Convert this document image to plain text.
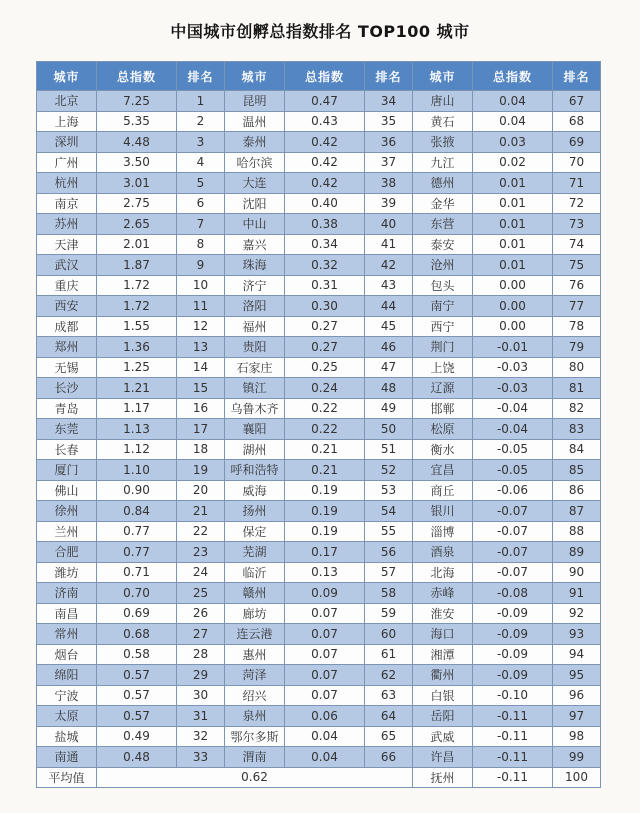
中国城市创孵总指数排名 TOP100 城市
城市	总指数	排名	城市	总指数	排名	城市	总指数	排名
北京	7.25	1	昆明	0.47	34	唐山	0.04	67
上海	5.35	2	温州	0.43	35	黄石	0.04	68
深圳	4.48	3	泰州	0.42	36	张掖	0.03	69
广州	3.50	4	哈尔滨	0.42	37	九江	0.02	70
杭州	3.01	5	大连	0.42	38	德州	0.01	71
南京	2.75	6	沈阳	0.40	39	金华	0.01	72
苏州	2.65	7	中山	0.38	40	东营	0.01	73
天津	2.01	8	嘉兴	0.34	41	泰安	0.01	74
武汉	1.87	9	珠海	0.32	42	沧州	0.01	75
重庆	1.72	10	济宁	0.31	43	包头	0.00	76
西安	1.72	11	洛阳	0.30	44	南宁	0.00	77
成都	1.55	12	福州	0.27	45	西宁	0.00	78
郑州	1.36	13	贵阳	0.27	46	荆门	-0.01	79
无锡	1.25	14	石家庄	0.25	47	上饶	-0.03	80
长沙	1.21	15	镇江	0.24	48	辽源	-0.03	81
青岛	1.17	16	乌鲁木齐	0.22	49	邯郸	-0.04	82
东莞	1.13	17	襄阳	0.22	50	松原	-0.04	83
长春	1.12	18	湖州	0.21	51	衡水	-0.05	84
厦门	1.10	19	呼和浩特	0.21	52	宜昌	-0.05	85
佛山	0.90	20	威海	0.19	53	商丘	-0.06	86
徐州	0.84	21	扬州	0.19	54	银川	-0.07	87
兰州	0.77	22	保定	0.19	55	淄博	-0.07	88
合肥	0.77	23	芜湖	0.17	56	酒泉	-0.07	89
潍坊	0.71	24	临沂	0.13	57	北海	-0.07	90
济南	0.70	25	赣州	0.09	58	赤峰	-0.08	91
南昌	0.69	26	廊坊	0.07	59	淮安	-0.09	92
常州	0.68	27	连云港	0.07	60	海口	-0.09	93
烟台	0.58	28	惠州	0.07	61	湘潭	-0.09	94
绵阳	0.57	29	菏泽	0.07	62	衢州	-0.09	95
宁波	0.57	30	绍兴	0.07	63	白银	-0.10	96
太原	0.57	31	泉州	0.06	64	岳阳	-0.11	97
盐城	0.49	32	鄂尔多斯	0.04	65	武威	-0.11	98
南通	0.48	33	渭南	0.04	66	许昌	-0.11	99
平均值	0.62					抚州	-0.11	100
